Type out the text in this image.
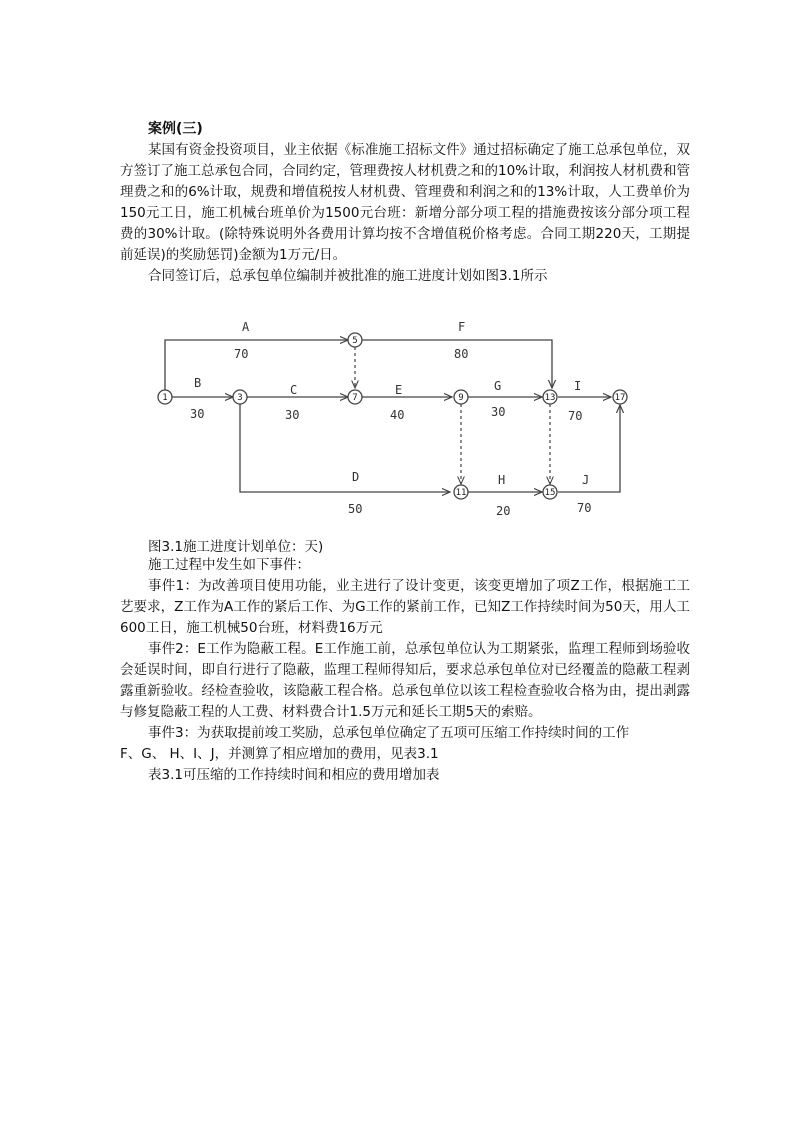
案例(三)

某国有资金投资项目，业主依据《标准施工招标文件》通过招标确定了施工总承包单位，双方签订了施工总承包合同，合同约定，管理费按人材机费之和的10%计取，利润按人材机费和管理费之和的6%计取，规费和增值税按人材机费、管理费和利润之和的13%计取，人工费单价为150元工日，施工机械台班单价为1500元台班：新增分部分项工程的措施费按该分部分项工程费的30%计取。(除特殊说明外各费用计算均按不含增值税价格考虑。合同工期220天，工期提前延误)的奖励惩罚)金额为1万元/日。

合同签订后，总承包单位编制并被批准的施工进度计划如图3.1所示

A
70
B
30
C
30
D
50
E
40
F
80
G
30
H
20
I
70
J
70
1	3
5
7	9
11
13
15
17
图3.1施工进度计划单位：天)

施工过程中发生如下事件：

事件1：为改善项目使用功能，业主进行了设计变更，该变更增加了项Z工作，根据施工工艺要求，Z工作为A工作的紧后工作、为G工作的紧前工作，已知Z工作持续时间为50天，用人工600工日，施工机械50台班，材料费16万元

事件2：E工作为隐蔽工程。E工作施工前，总承包单位认为工期紧张，监理工程师到场验收会延误时间，即自行进行了隐蔽，监理工程师得知后，要求总承包单位对已经覆盖的隐蔽工程剥露重新验收。经检查验收，该隐蔽工程合格。总承包单位以该工程检查验收合格为由，提出剥露与修复隐蔽工程的人工费、材料费合计1.5万元和延长工期5天的索赔。

事件3：为获取提前竣工奖励，总承包单位确定了五项可压缩工作持续时间的工作

F、G、 H、I、J，并测算了相应增加的费用，见表3.1

表3.1可压缩的工作持续时间和相应的费用增加表
